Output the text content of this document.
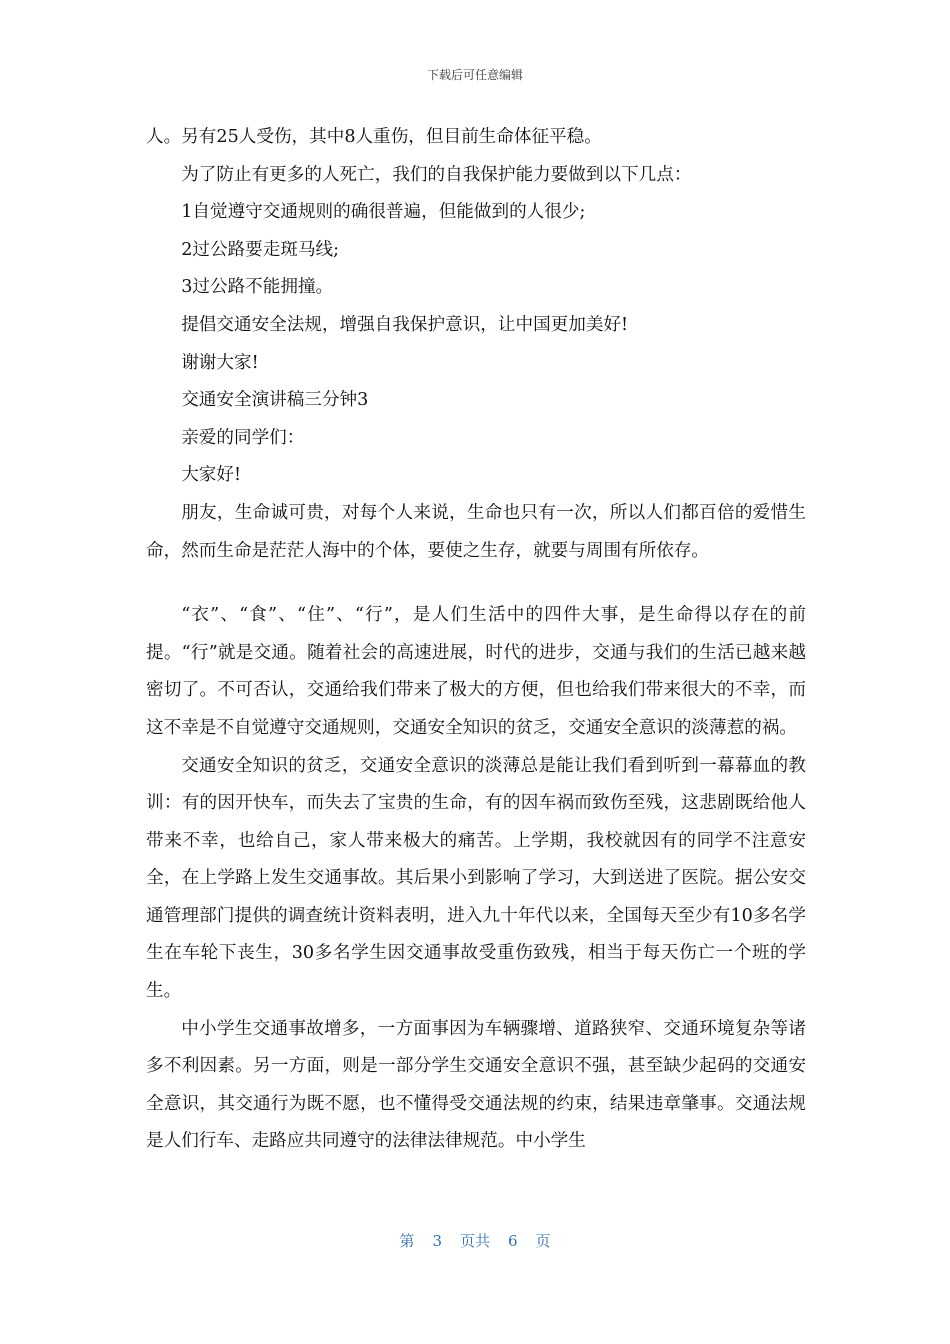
下载后可任意编辑

人。另有25人受伤，其中8人重伤，但目前生命体征平稳。

为了防止有更多的人死亡，我们的自我保护能力要做到以下几点：

1自觉遵守交通规则的确很普遍，但能做到的人很少;

2过公路要走斑马线;

3过公路不能拥撞。

提倡交通安全法规，增强自我保护意识，让中国更加美好!

谢谢大家!

交通安全演讲稿三分钟3

亲爱的同学们：

大家好!

朋友，生命诚可贵，对每个人来说，生命也只有一次，所以人们都百倍的爱惜生命，然而生命是茫茫人海中的个体，要使之生存，就要与周围有所依存。

“衣”、“食”、“住”、“行”，是人们生活中的四件大事，是生命得以存在的前提。“行”就是交通。随着社会的高速进展，时代的进步，交通与我们的生活已越来越密切了。不可否认，交通给我们带来了极大的方便，但也给我们带来很大的不幸，而这不幸是不自觉遵守交通规则，交通安全知识的贫乏，交通安全意识的淡薄惹的祸。

交通安全知识的贫乏，交通安全意识的淡薄总是能让我们看到听到一幕幕血的教训：有的因开快车，而失去了宝贵的生命，有的因车祸而致伤至残，这悲剧既给他人带来不幸，也给自己，家人带来极大的痛苦。上学期，我校就因有的同学不注意安全，在上学路上发生交通事故。其后果小到影响了学习，大到送进了医院。据公安交通管理部门提供的调查统计资料表明，进入九十年代以来，全国每天至少有10多名学生在车轮下丧生，30多名学生因交通事故受重伤致残，相当于每天伤亡一个班的学生。

中小学生交通事故增多，一方面事因为车辆骤增、道路狭窄、交通环境复杂等诸多不利因素。另一方面，则是一部分学生交通安全意识不强，甚至缺少起码的交通安全意识，其交通行为既不愿，也不懂得受交通法规的约束，结果违章肇事。交通法规是人们行车、走路应共同遵守的法律法律规范。中小学生

第 3 页共 6 页
